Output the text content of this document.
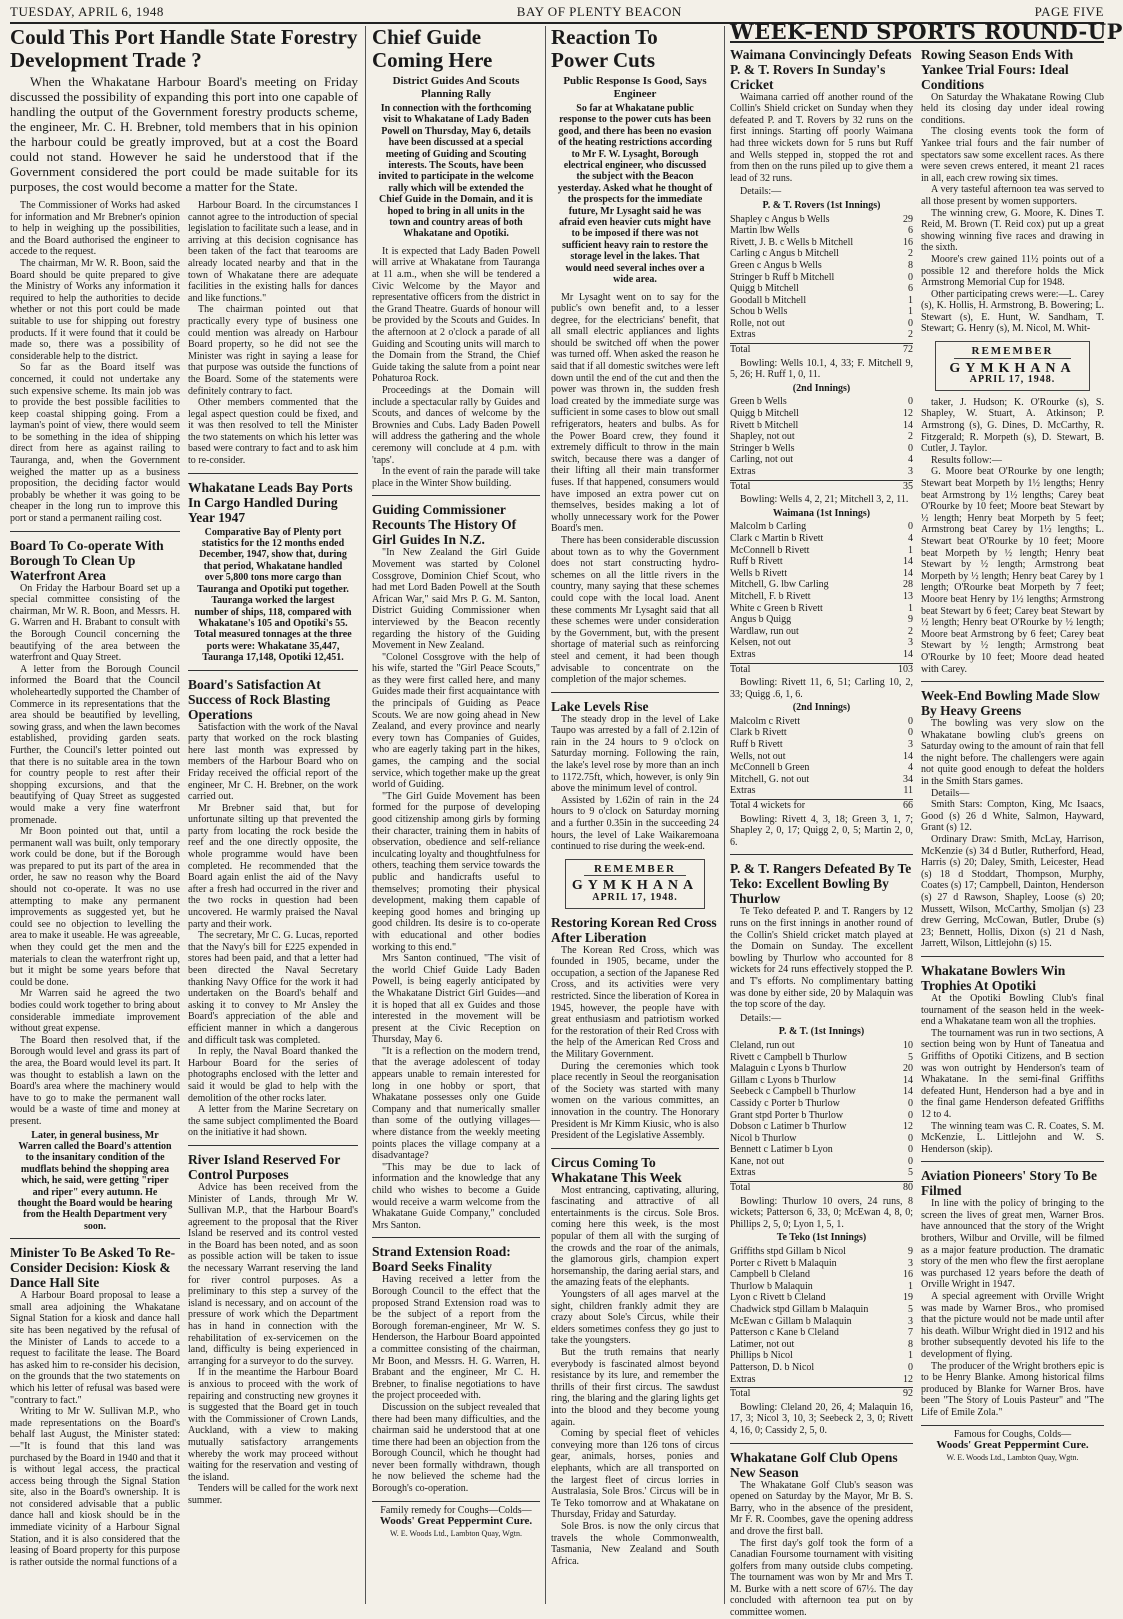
TUESDAY, APRIL 6, 1948	BAY OF PLENTY BEACON	PAGE FIVE
Could This Port Handle State Forestry Development Trade ?
When the Whakatane Harbour Board's meeting on Friday discussed the possibility of expanding this port into one capable of handling the output of the Government forestry products scheme, the engineer, Mr. C. H. Brebner, told members that in his opinion the harbour could be greatly improved, but at a cost the Board could not stand. However he said he understood that if the Government considered the port could be made suitable for its purposes, the cost would become a matter for the State.

The Commissioner of Works had asked for information and Mr Brebner's opinion to help in weighing up the possibilities, and the Board authorised the engineer to accede to the request.

The chairman, Mr W. R. Boon, said the Board should be quite prepared to give the Ministry of Works any information it required to help the authorities to decide whether or not this port could be made suitable to use for shipping out forestry products. If it were found that it could be made so, there was a possibility of considerable help to the district.

So far as the Board itself was concerned, it could not undertake any such expensive scheme. Its main job was to provide the best possible facilities to keep coastal shipping going. From a layman's point of view, there would seem to be something in the idea of shipping direct from here as against railing to Tauranga, and, when the Government weighed the matter up as a business proposition, the deciding factor would probably be whether it was going to be cheaper in the long run to improve this port or stand a permanent railing cost.

Board To Co-operate With Borough To Clean Up Waterfront Area

On Friday the Harbour Board set up a special committee consisting of the chairman, Mr W. R. Boon, and Messrs. H. G. Warren and H. Brabant to consult with the Borough Council concerning the beautifying of the area between the waterfront and Quay Street.

A letter from the Borough Council informed the Board that the Council wholeheartedly supported the Chamber of Commerce in its representations that the area should be beautified by levelling, sowing grass, and when the lawn becomes established, providing garden seats. Further, the Council's letter pointed out that there is no suitable area in the town for country people to rest after their shopping excursions, and that the beautifying of Quay Street as suggested would make a very fine waterfront promenade.

Mr Boon pointed out that, until a permanent wall was built, only temporary work could be done, but if the Borough was prepared to put its part of the area in order, he saw no reason why the Board should not co-operate. It was no use attempting to make any permanent improvements as suggested yet, but he could see no objection to levelling the area to make it useable. He was agreeable, when they could get the men and the materials to clean the waterfront right up, but it might be some years before that could be done.

Mr Warren said he agreed the two bodies could work together to bring about considerable immediate improvement without great expense.

The Board then resolved that, if the Borough would level and grass its part of the area, the Board would level its part. It was thought to establish a lawn on the Board's area where the machinery would have to go to make the permanent wall would be a waste of time and money at present.

Later, in general business, Mr Warren called the Board's attention to the insanitary condition of the mudflats behind the shopping area which, he said, were getting "riper and riper" every autumn. He thought the Board would be hearing from the Health Department very soon.
Minister To Be Asked To Re-Consider Decision: Kiosk & Dance Hall Site

A Harbour Board proposal to lease a small area adjoining the Whakatane Signal Station for a kiosk and dance hall site has been negatived by the refusal of the Minister of Lands to accede to a request to facilitate the lease. The Board has asked him to re-consider his decision, on the grounds that the two statements on which his letter of refusal was based were "contrary to fact."

Writing to Mr W. Sullivan M.P., who made representations on the Board's behalf last August, the Minister stated:—"It is found that this land was purchased by the Board in 1940 and that it is without legal access, the practical access being through the Signal Station site, also in the Board's ownership. It is not considered advisable that a public dance hall and kiosk should be in the immediate vicinity of a Harbour Signal Station, and it is also considered that the leasing of Board property for this purpose is rather outside the normal functions of a

Harbour Board. In the circumstances I cannot agree to the introduction of special legislation to facilitate such a lease, and in arriving at this decision cognisance has been taken of the fact that tearooms are already located nearby and that in the town of Whakatane there are adequate facilities in the existing halls for dances and like functions."

The chairman pointed out that practically every type of business one could mention was already on Harbour Board property, so he did not see the Minister was right in saying a lease for that purpose was outside the functions of the Board. Some of the statements were definitely contrary to fact.

Other members commented that the legal aspect question could be fixed, and it was then resolved to tell the Minister the two statements on which his letter was based were contrary to fact and to ask him to re-consider.

Whakatane Leads Bay Ports In Cargo Handled During Year 1947
Comparative Bay of Plenty port statistics for the 12 months ended December, 1947, show that, during that period, Whakatane handled over 5,800 tons more cargo than Tauranga and Opotiki put together. Tauranga worked the largest number of ships, 118, compared with Whakatane's 105 and Opotiki's 55. Total measured tonnages at the three ports were: Whakatane 35,447, Tauranga 17,148, Opotiki 12,451.
Board's Satisfaction At Success of Rock Blasting Operations

Satisfaction with the work of the Naval party that worked on the rock blasting here last month was expressed by members of the Harbour Board who on Friday received the official report of the engineer, Mr C. H. Brebner, on the work carried out.

Mr Brebner said that, but for unfortunate silting up that prevented the party from locating the rock beside the reef and the one directly opposite, the whole programme would have been completed. He recommended that the Board again enlist the aid of the Navy after a fresh had occurred in the river and the two rocks in question had been uncovered. He warmly praised the Naval party and their work.

The secretary, Mr C. G. Lucas, reported that the Navy's bill for £225 expended in stores had been paid, and that a letter had been directed the Naval Secretary thanking Navy Office for the work it had undertaken on the Board's behalf and asking it to convey to Mr Ansley the Board's appreciation of the able and efficient manner in which a dangerous and difficult task was completed.

In reply, the Naval Board thanked the Harbour Board for the series of photographs enclosed with the letter and said it would be glad to help with the demolition of the other rocks later.

A letter from the Marine Secretary on the same subject complimented the Board on the initiative it had shown.

River Island Reserved For Control Purposes

Advice has been received from the Minister of Lands, through Mr W. Sullivan M.P., that the Harbour Board's agreement to the proposal that the River Island be reserved and its control vested in the Board has been noted, and as soon as possible action will be taken to issue the necessary Warrant reserving the land for river control purposes. As a preliminary to this step a survey of the island is necessary, and on account of the pressure of work which the Department has in hand in connection with the rehabilitation of ex-servicemen on the land, difficulty is being experienced in arranging for a surveyor to do the survey.

If in the meantime the Harbour Board is anxious to proceed with the work of repairing and constructing new groynes it is suggested that the Board get in touch with the Commissioner of Crown Lands, Auckland, with a view to making mutually satisfactory arrangements whereby the work may proceed without waiting for the reservation and vesting of the island.

Tenders will be called for the work next summer.

Chief Guide Coming Here
District Guides And Scouts Planning Rally
In connection with the forthcoming visit to Whakatane of Lady Baden Powell on Thursday, May 6, details have been discussed at a special meeting of Guiding and Scouting interests. The Scouts, have been invited to participate in the welcome rally which will be extended the Chief Guide in the Domain, and it is hoped to bring in all units in the town and country areas of both Whakatane and Opotiki.

It is expected that Lady Baden Powell will arrive at Whakatane from Tauranga at 11 a.m., when she will be tendered a Civic Welcome by the Mayor and representative officers from the district in the Grand Theatre. Guards of honour will be provided by the Scouts and Guides. In the afternoon at 2 o'clock a parade of all Guiding and Scouting units will march to the Domain from the Strand, the Chief Guide taking the salute from a point near Pohaturoa Rock.

Proceedings at the Domain will include a spectacular rally by Guides and Scouts, and dances of welcome by the Brownies and Cubs. Lady Baden Powell will address the gathering and the whole ceremony will conclude at 4 p.m. with 'taps'.

In the event of rain the parade will take place in the Winter Show building.

Guiding Commissioner Recounts The History Of Girl Guides In N.Z.

"In New Zealand the Girl Guide Movement was started by Colonel Cossgrove, Dominion Chief Scout, who had met Lord Baden Powell at the South African War," said Mrs P. G. M. Santon, District Guiding Commissioner when interviewed by the Beacon recently regarding the history of the Guiding Movement in New Zealand.

"Colonel Cossgrove with the help of his wife, started the "Girl Peace Scouts," as they were first called here, and many Guides made their first acquaintance with the principals of Guiding as Peace Scouts. We are now going ahead in New Zealand, and every province and nearly every town has Companies of Guides, who are eagerly taking part in the hikes, games, the camping and the social service, which together make up the great world of Guiding.

"The Girl Guide Movement has been formed for the purpose of developing good citizenship among girls by forming their character, training them in habits of observation, obedience and self-reliance inculcating loyalty and thoughtfulness for others, teaching them service towards the public and handicrafts useful to themselves; promoting their physical development, making them capable of keeping good homes and bringing up good children. Its desire is to co-operate with educational and other bodies working to this end."

Mrs Santon continued, "The visit of the world Chief Guide Lady Baden Powell, is being eagerly anticipated by the Whakatane District Girl Guides—and it is hoped that all ex Guides and those interested in the movement will be present at the Civic Reception on Thursday, May 6.

"It is a reflection on the modern trend, that the average adolescent of today appears unable to remain interested for long in one hobby or sport, that Whakatane possesses only one Guide Company and that numerically smaller than some of the outlying villages—where distance from the weekly meeting points places the village company at a disadvantage?

"This may be due to lack of information and the knowledge that any child who wishes to become a Guide would receive a warm welcome from the Whakatane Guide Company," concluded Mrs Santon.

Strand Extension Road: Board Seeks Finality

Having received a letter from the Borough Council to the effect that the proposed Strand Extension road was to be the subject of a report from the Borough foreman-engineer, Mr W. S. Henderson, the Harbour Board appointed a committee consisting of the chairman, Mr Boon, and Messrs. H. G. Warren, H. Brabant and the engineer, Mr C. H. Brebner, to finalise negotiations to have the project proceeded with.

Discussion on the subject revealed that there had been many difficulties, and the chairman said he understood that at one time there had been an objection from the Borough Council, which he thought had never been formally withdrawn, though he now believed the scheme had the Borough's co-operation.

Family remedy for Coughs—Colds—
Woods' Great Peppermint Cure.
W. E. Woods Ltd., Lambton Quay, Wgtn.
Reaction To Power Cuts
Public Response Is Good, Says Engineer
So far at Whakatane public response to the power cuts has been good, and there has been no evasion of the heating restrictions according to Mr F. W. Lysaght, Borough electrical engineer, who discussed the subject with the Beacon yesterday. Asked what he thought of the prospects for the immediate future, Mr Lysaght said he was afraid even heavier cuts might have to be imposed if there was not sufficient heavy rain to restore the storage level in the lakes. That would need several inches over a wide area.

Mr Lysaght went on to say for the public's own benefit and, to a lesser degree, for the electricians' benefit, that all small electric appliances and lights should be switched off when the power was turned off. When asked the reason he said that if all domestic switches were left down until the end of the cut and then the power was thrown in, the sudden fresh load created by the immediate surge was sufficient in some cases to blow out small refrigerators, heaters and bulbs. As for the Power Board crew, they found it extremely difficult to throw in the main switch, because there was a danger of their lifting all their main transformer fuses. If that happened, consumers would have imposed an extra power cut on themselves, besides making a lot of wholly unnecessary work for the Power Board's men.

There has been considerable discussion about town as to why the Government does not start constructing hydro-schemes on all the little rivers in the country, many saying that these schemes could cope with the local load. Anent these comments Mr Lysaght said that all these schemes were under consideration by the Government, but, with the present shortage of material such as reinforcing steel and cement, it had been though advisable to concentrate on the completion of the major schemes.

Lake Levels Rise

The steady drop in the level of Lake Taupo was arrested by a fall of 2.12in of rain in the 24 hours to 9 o'clock on Saturday morning. Following the rain, the lake's level rose by more than an inch to 1172.75ft, which, however, is only 9in above the minimum level of control.

Assisted by 1.62in of rain in the 24 hours to 9 o'clock on Saturday morning and a further 0.35in in the succeeding 24 hours, the level of Lake Waikaremoana continued to rise during the week-end.

REMEMBER
GYMKHANA
APRIL 17, 1948.
Restoring Korean Red Cross After Liberation

The Korean Red Cross, which was founded in 1905, became, under the occupation, a section of the Japanese Red Cross, and its activities were very restricted. Since the liberation of Korea in 1945, however, the people have with great enthusiasm and patriotism worked for the restoration of their Red Cross with the help of the American Red Cross and the Military Government.

During the ceremonies which took place recently in Seoul the reorganisation of the Society was started with many women on the various committes, an innovation in the country. The Honorary President is Mr Kimm Kiusic, who is also President of the Legislative Assembly.

Circus Coming To Whakatane This Week

Most entrancing, captivating, alluring, fascinating and attractive of all entertainments is the circus. Sole Bros. coming here this week, is the most popular of them all with the surging of the crowds and the roar of the animals, the glamorous girls, champion expert horsemanship, the daring aerial stars, and the amazing feats of the elephants.

Youngsters of all ages marvel at the sight, children frankly admit they are crazy about Sole's Circus, while their elders sometimes confess they go just to take the youngsters.

But the truth remains that nearly everybody is fascinated almost beyond resistance by its lure, and remember the thrills of their first circus. The sawdust ring, the blaring and the glaring lights get into the blood and they become young again.

Coming by special fleet of vehicles conveying more than 126 tons of circus gear, animals, horses, ponies and elephants, which are all transported on the largest fleet of circus lorries in Australasia, Sole Bros.' Circus will be in Te Teko tomorrow and at Whakatane on Thursday, Friday and Saturday.

Sole Bros. is now the only circus that travels the whole Commonwealth, Tasmania, New Zealand and South Africa.

WEEK-END SPORTS ROUND-UP
Waimana Convincingly Defeats P. & T. Rovers In Sunday's Cricket

Waimana carried off another round of the Collin's Shield cricket on Sunday when they defeated P. and T. Rovers by 32 runs on the first innings. Starting off poorly Waimana had three wickets down for 5 runs but Ruff and Wells stepped in, stopped the rot and from then on the runs piled up to give them a lead of 32 runs.

Details:—
P. & T. Rovers (1st Innings)
Shapley c Angus b Wells	29
Martin lbw Wells	6
Rivett, J. B. c Wells b Mitchell	16
Carling c Angus b Mitchell	2
Green c Angus b Wells	8
Stringer b Ruff b Mitchell	0
Quigg b Mitchell	6
Goodall b Mitchell	1
Schou b Wells	1
Rolle, not out	0
Extras	2
Total	72
Bowling: Wells 10.1, 4, 33; F. Mitchell 9, 5, 26; H. Ruff 1, 0, 11.
(2nd Innings)
Green b Wells	0
Quigg b Mitchell	12
Rivett b Mitchell	14
Shapley, not out	2
Stringer b Wells	0
Carling, not out	4
Extras	3
Total	35
Bowling: Wells 4, 2, 21; Mitchell 3, 2, 11.
Waimana (1st Innings)
Malcolm b Carling	0
Clark c Martin b Rivett	4
McConnell b Rivett	1
Ruff b Rivett	14
Wells b Rivett	14
Mitchell, G. lbw Carling	28
Mitchell, F. b Rivett	13
White c Green b Rivett	1
Angus b Quigg	9
Wardlaw, run out	2
Kelsen, not out	3
Extras	14
Total	103
Bowling: Rivett 11, 6, 51; Carling 10, 2, 33; Quigg .6, 1, 6.
(2nd Innings)
Malcolm c Rivett	0
Clark b Rivett	0
Ruff b Rivett	3
Wells, not out	14
McConnell b Green	4
Mitchell, G. not out	34
Extras	11
Total 4 wickets for	66
Bowling: Rivett 4, 3, 18; Green 3, 1, 7; Shapley 2, 0, 17; Quigg 2, 0, 5; Martin 2, 0, 6.
P. & T. Rangers Defeated By Te Teko: Excellent Bowling By Thurlow

Te Teko defeated P. and T. Rangers by 12 runs on the first innings in another round of the Collin's Shield cricket match played at the Domain on Sunday. The excellent bowling by Thurlow who accounted for 8 wickets for 24 runs effectively stopped the P. and T's efforts. No complimentary batting was done by either side, 20 by Malaquin was the top score of the day.

Details:—
P. & T. (1st Innings)
Cleland, run out	10
Rivett c Campbell b Thurlow	5
Malaguin c Lyons b Thurlow	20
Gillam c Lyons b Thurlow	14
Seebeck c Campbell b Thurlow	14
Cassidy c Porter b Thurlow	0
Grant stpd Porter b Thurlow	0
Dobson c Latimer b Thurlow	12
Nicol b Thurlow	0
Bennett c Latimer b Lyon	0
Kane, not out	0
Extras	5
Total	80
Bowling: Thurlow 10 overs, 24 runs, 8 wickets; Patterson 6, 33, 0; McEwan 4, 8, 0; Phillips 2, 5, 0; Lyon 1, 5, 1.
Te Teko (1st Innings)
Griffiths stpd Gillam b Nicol	9
Porter c Rivett b Malaquin	3
Campbell b Cleland	16
Thurlow b Malaquin	1
Lyon c Rivett b Cleland	19
Chadwick stpd Gillam b Malaquin	5
McEwan c Gillam b Malaquin	3
Patterson c Kane b Cleland	7
Latimer, not out	8
Phillips b Nicol	1
Patterson, D. b Nicol	0
Extras	12
Total	92
Bowling: Cleland 20, 26, 4; Malaquin 16, 17, 3; Nicol 3, 10, 3; Seebeck 2, 3, 0; Rivett 4, 16, 0; Cassidy 2, 5, 0.
Whakatane Golf Club Opens New Season

The Whakatane Golf Club's season was opened on Saturday by the Mayor, Mr B. S. Barry, who in the absence of the president, Mr F. R. Coombes, gave the opening address and drove the first ball.

The first day's golf took the form of a Canadian Foursome tournament with visiting golfers from many outside clubs competing. The tournament was won by Mr and Mrs T. M. Burke with a nett score of 67½. The day concluded with afternoon tea put on by committee women.

Rowing Season Ends With Yankee Trial Fours: Ideal Conditions

On Saturday the Whakatane Rowing Club held its closing day under ideal rowing conditions.

The closing events took the form of Yankee trial fours and the fair number of spectators saw some excellent races. As there were seven crews entered, it meant 21 races in all, each crew rowing six times.

A very tasteful afternoon tea was served to all those present by women supporters.

The winning crew, G. Moore, K. Dines T. Reid, M. Brown (T. Reid cox) put up a great showing winning five races and drawing in the sixth.

Moore's crew gained 11½ points out of a possible 12 and therefore holds the Mick Armstrong Memorial Cup for 1948.

Other participating crews were:—L. Carey (s), K. Hollis, H. Armstrong, B. Bowering; L. Stewart (s), E. Hunt, W. Sandham, T. Stewart; G. Henry (s), M. Nicol, M. Whit-

REMEMBER
GYMKHANA
APRIL 17, 1948.

taker, J. Hudson; K. O'Rourke (s), S. Shapley, W. Stuart, A. Atkinson; P. Armstrong (s), G. Dines, D. McCarthy, R. Fitzgerald; R. Morpeth (s), D. Stewart, B. Cutler, J. Taylor.

Results follow:—

G. Moore beat O'Rourke by one length; Stewart beat Morpeth by 1½ lengths; Henry beat Armstrong by 1½ lengths; Carey beat O'Rourke by 10 feet; Moore beat Stewart by ½ length; Henry beat Morpeth by 5 feet; Armstrong beat Carey by 1½ lengths; L. Stewart beat O'Rourke by 10 feet; Moore beat Morpeth by ½ length; Henry beat Stewart by ½ length; Armstrong beat Morpeth by ½ length; Henry beat Carey by 1 length; O'Rourke beat Morpeth by 7 feet; Moore beat Henry by 1½ lengths; Armstrong beat Stewart by 6 feet; Carey beat Stewart by ½ length; Henry beat O'Rourke by ½ length; Moore beat Armstrong by 6 feet; Carey beat Stewart by ½ length; Armstrong beat O'Rourke by 10 feet; Moore dead heated with Carey.

Week-End Bowling Made Slow By Heavy Greens

The bowling was very slow on the Whakatane bowling club's greens on Saturday owing to the amount of rain that fell the night before. The challengers were again not quite good enough to defeat the holders in the Smith Stars games.

Details—

Smith Stars: Compton, King, Mc Isaacs, Good (s) 26 d White, Salmon, Hayward, Grant (s) 12.

Ordinary Draw: Smith, McLay, Harrison, McKenzie (s) 34 d Butler, Rutherford, Head, Harris (s) 20; Daley, Smith, Leicester, Head (s) 18 d Stoddart, Thompson, Murphy, Coates (s) 17; Campbell, Dainton, Henderson (s) 27 d Rawson, Shapley, Loose (s) 20; Mussett, Wilson, McCarthy, Smoljan (s) 23 drew Gerring, McCowan, Butler, Drube (s) 23; Bennett, Hollis, Dixon (s) 21 d Nash, Jarrett, Wilson, Littlejohn (s) 15.

Whakatane Bowlers Win Trophies At Opotiki

At the Opotiki Bowling Club's final tournament of the season held in the week-end a Whakatane team won all the trophies.

The tournament was run in two sections, A section being won by Hunt of Taneatua and Griffiths of Opotiki Citizens, and B section was won outright by Henderson's team of Whakatane. In the semi-final Griffiths defeated Hunt, Henderson had a bye and in the final game Henderson defeated Griffiths 12 to 4.

The winning team was C. R. Coates, S. M. McKenzie, L. Littlejohn and W. S. Henderson (skip).

Aviation Pioneers' Story To Be Filmed

In line with the policy of bringing to the screen the lives of great men, Warner Bros. have announced that the story of the Wright brothers, Wilbur and Orville, will be filmed as a major feature production. The dramatic story of the men who flew the first aeroplane was purchased 12 years before the death of Orville Wright in 1947.

A special agreement with Orville Wright was made by Warner Bros., who promised that the picture would not be made until after his death. Wilbur Wright died in 1912 and his brother subsequently devoted his life to the development of flying.

The producer of the Wright brothers epic is to be Henry Blanke. Among historical films produced by Blanke for Warner Bros. have been "The Story of Louis Pasteur" and "The Life of Emile Zola."

Famous for Coughs, Colds—
Woods' Great Peppermint Cure.
W. E. Woods Ltd., Lambton Quay, Wgtn.
